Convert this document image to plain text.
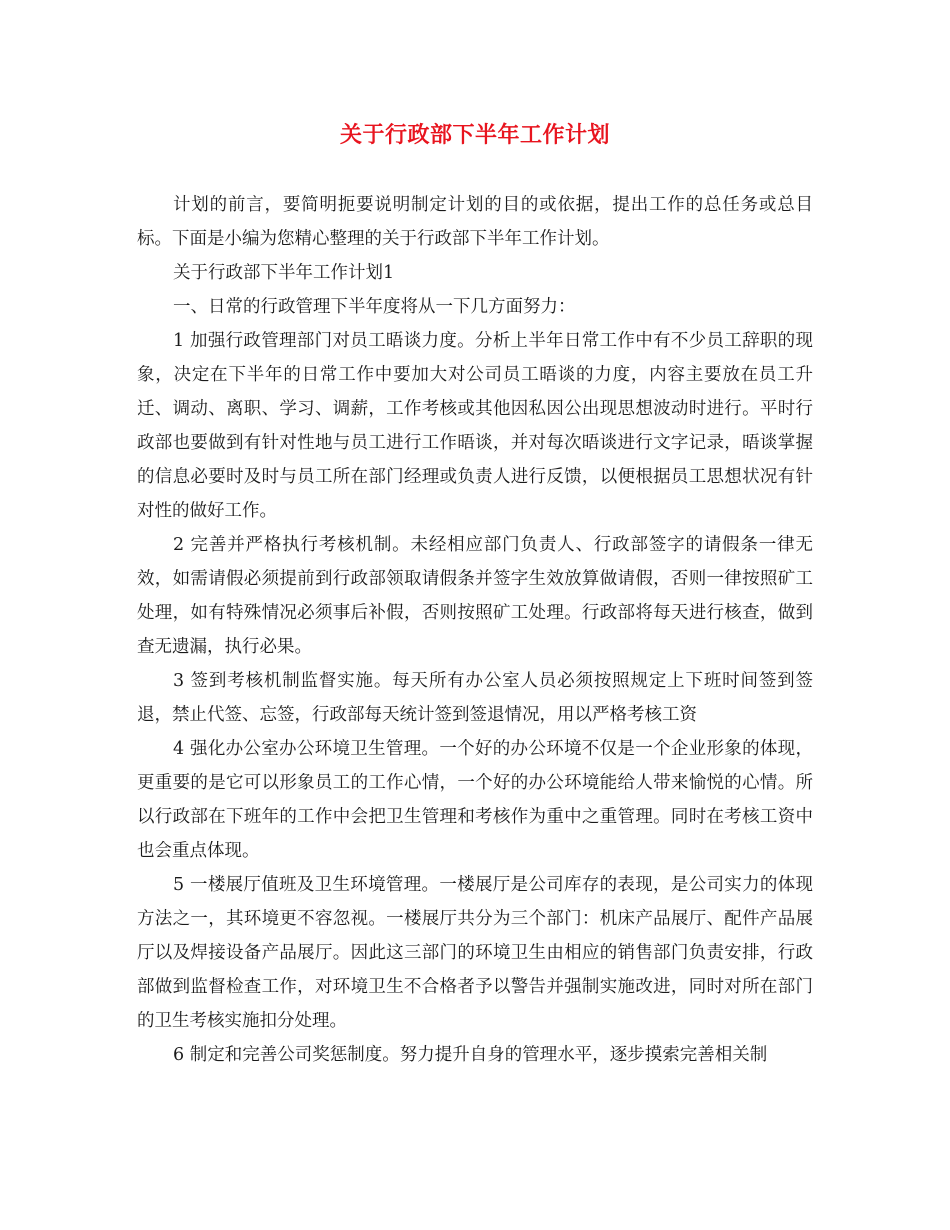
关于行政部下半年工作计划

计划的前言，要简明扼要说明制定计划的目的或依据，提出工作的总任务或总目标。下面是小编为您精心整理的关于行政部下半年工作计划。

关于行政部下半年工作计划1

一、日常的行政管理下半年度将从一下几方面努力：

1 加强行政管理部门对员工晤谈力度。分析上半年日常工作中有不少员工辞职的现象，决定在下半年的日常工作中要加大对公司员工晤谈的力度，内容主要放在员工升迁、调动、离职、学习、调薪，工作考核或其他因私因公出现思想波动时进行。平时行政部也要做到有针对性地与员工进行工作晤谈，并对每次晤谈进行文字记录，晤谈掌握的信息必要时及时与员工所在部门经理或负责人进行反馈，以便根据员工思想状况有针对性的做好工作。

2 完善并严格执行考核机制。未经相应部门负责人、行政部签字的请假条一律无效，如需请假必须提前到行政部领取请假条并签字生效放算做请假，否则一律按照矿工处理，如有特殊情况必须事后补假，否则按照矿工处理。行政部将每天进行核查，做到查无遗漏，执行必果。

3 签到考核机制监督实施。每天所有办公室人员必须按照规定上下班时间签到签退，禁止代签、忘签，行政部每天统计签到签退情况，用以严格考核工资

4 强化办公室办公环境卫生管理。一个好的办公环境不仅是一个企业形象的体现，更重要的是它可以形象员工的工作心情，一个好的办公环境能给人带来愉悦的心情。所以行政部在下班年的工作中会把卫生管理和考核作为重中之重管理。同时在考核工资中也会重点体现。

5 一楼展厅值班及卫生环境管理。一楼展厅是公司库存的表现，是公司实力的体现方法之一，其环境更不容忽视。一楼展厅共分为三个部门：机床产品展厅、配件产品展厅以及焊接设备产品展厅。因此这三部门的环境卫生由相应的销售部门负责安排，行政部做到监督检查工作，对环境卫生不合格者予以警告并强制实施改进，同时对所在部门的卫生考核实施扣分处理。

6 制定和完善公司奖惩制度。努力提升自身的管理水平，逐步摸索完善相关制
